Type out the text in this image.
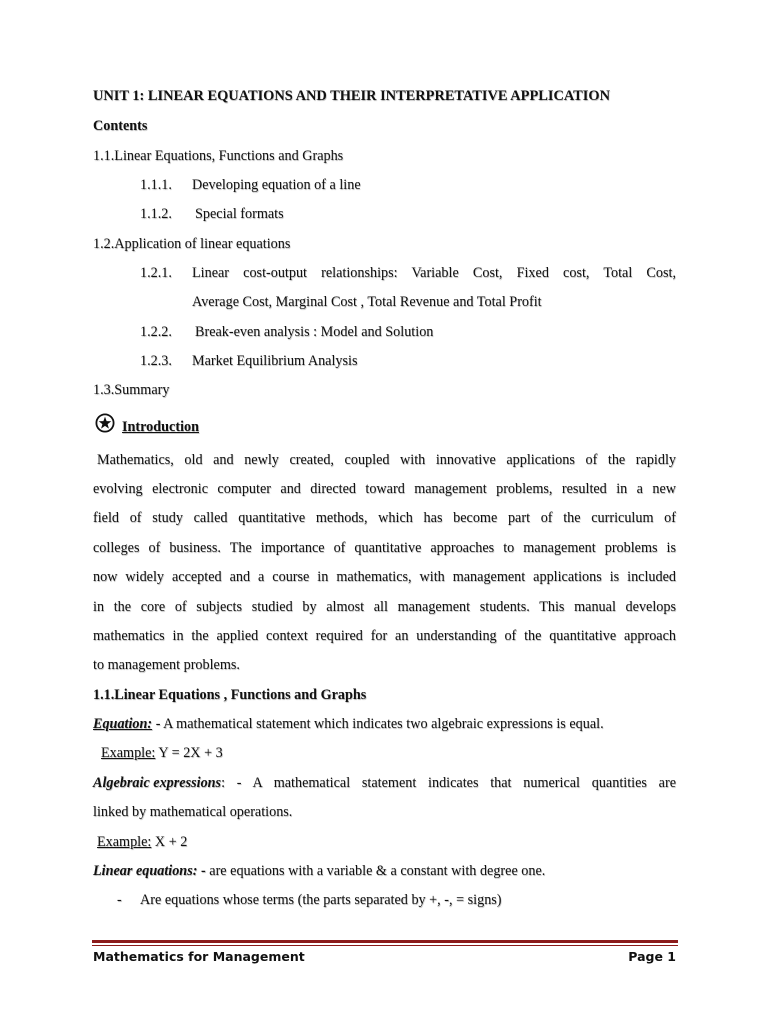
UNIT 1: LINEAR EQUATIONS AND THEIR INTERPRETATIVE APPLICATION
Contents
1.1.Linear Equations, Functions and Graphs
1.1.1. Developing equation of a line
1.1.2. Special formats
1.2.Application of linear equations
1.2.1.	Linear cost-output relationships: Variable Cost, Fixed cost, Total Cost,
Average Cost, Marginal Cost , Total Revenue and Total Profit
1.2.2. Break-even analysis : Model and Solution
1.2.3. Market Equilibrium Analysis
1.3.Summary
Introduction
Mathematics, old and newly created, coupled with innovative applications of the rapidly
evolving electronic computer and directed toward management problems, resulted in a new
field of study called quantitative methods, which has become part of the curriculum of
colleges of business. The importance of quantitative approaches to management problems is
now widely accepted and a course in mathematics, with management applications is included
in the core of subjects studied by almost all management students. This manual develops
mathematics in the applied context required for an understanding of the quantitative approach
to management problems.
1.1.Linear Equations , Functions and Graphs
Equation: - A mathematical statement which indicates two algebraic expressions is equal.
Example: Y = 2X + 3
Algebraic expressions : - A mathematical statement indicates that numerical quantities are
linked by mathematical operations.
Example: X + 2
Linear equations: - are equations with a variable & a constant with degree one.
- Are equations whose terms (the parts separated by +, -, = signs)
Mathematics for Management	Page 1
